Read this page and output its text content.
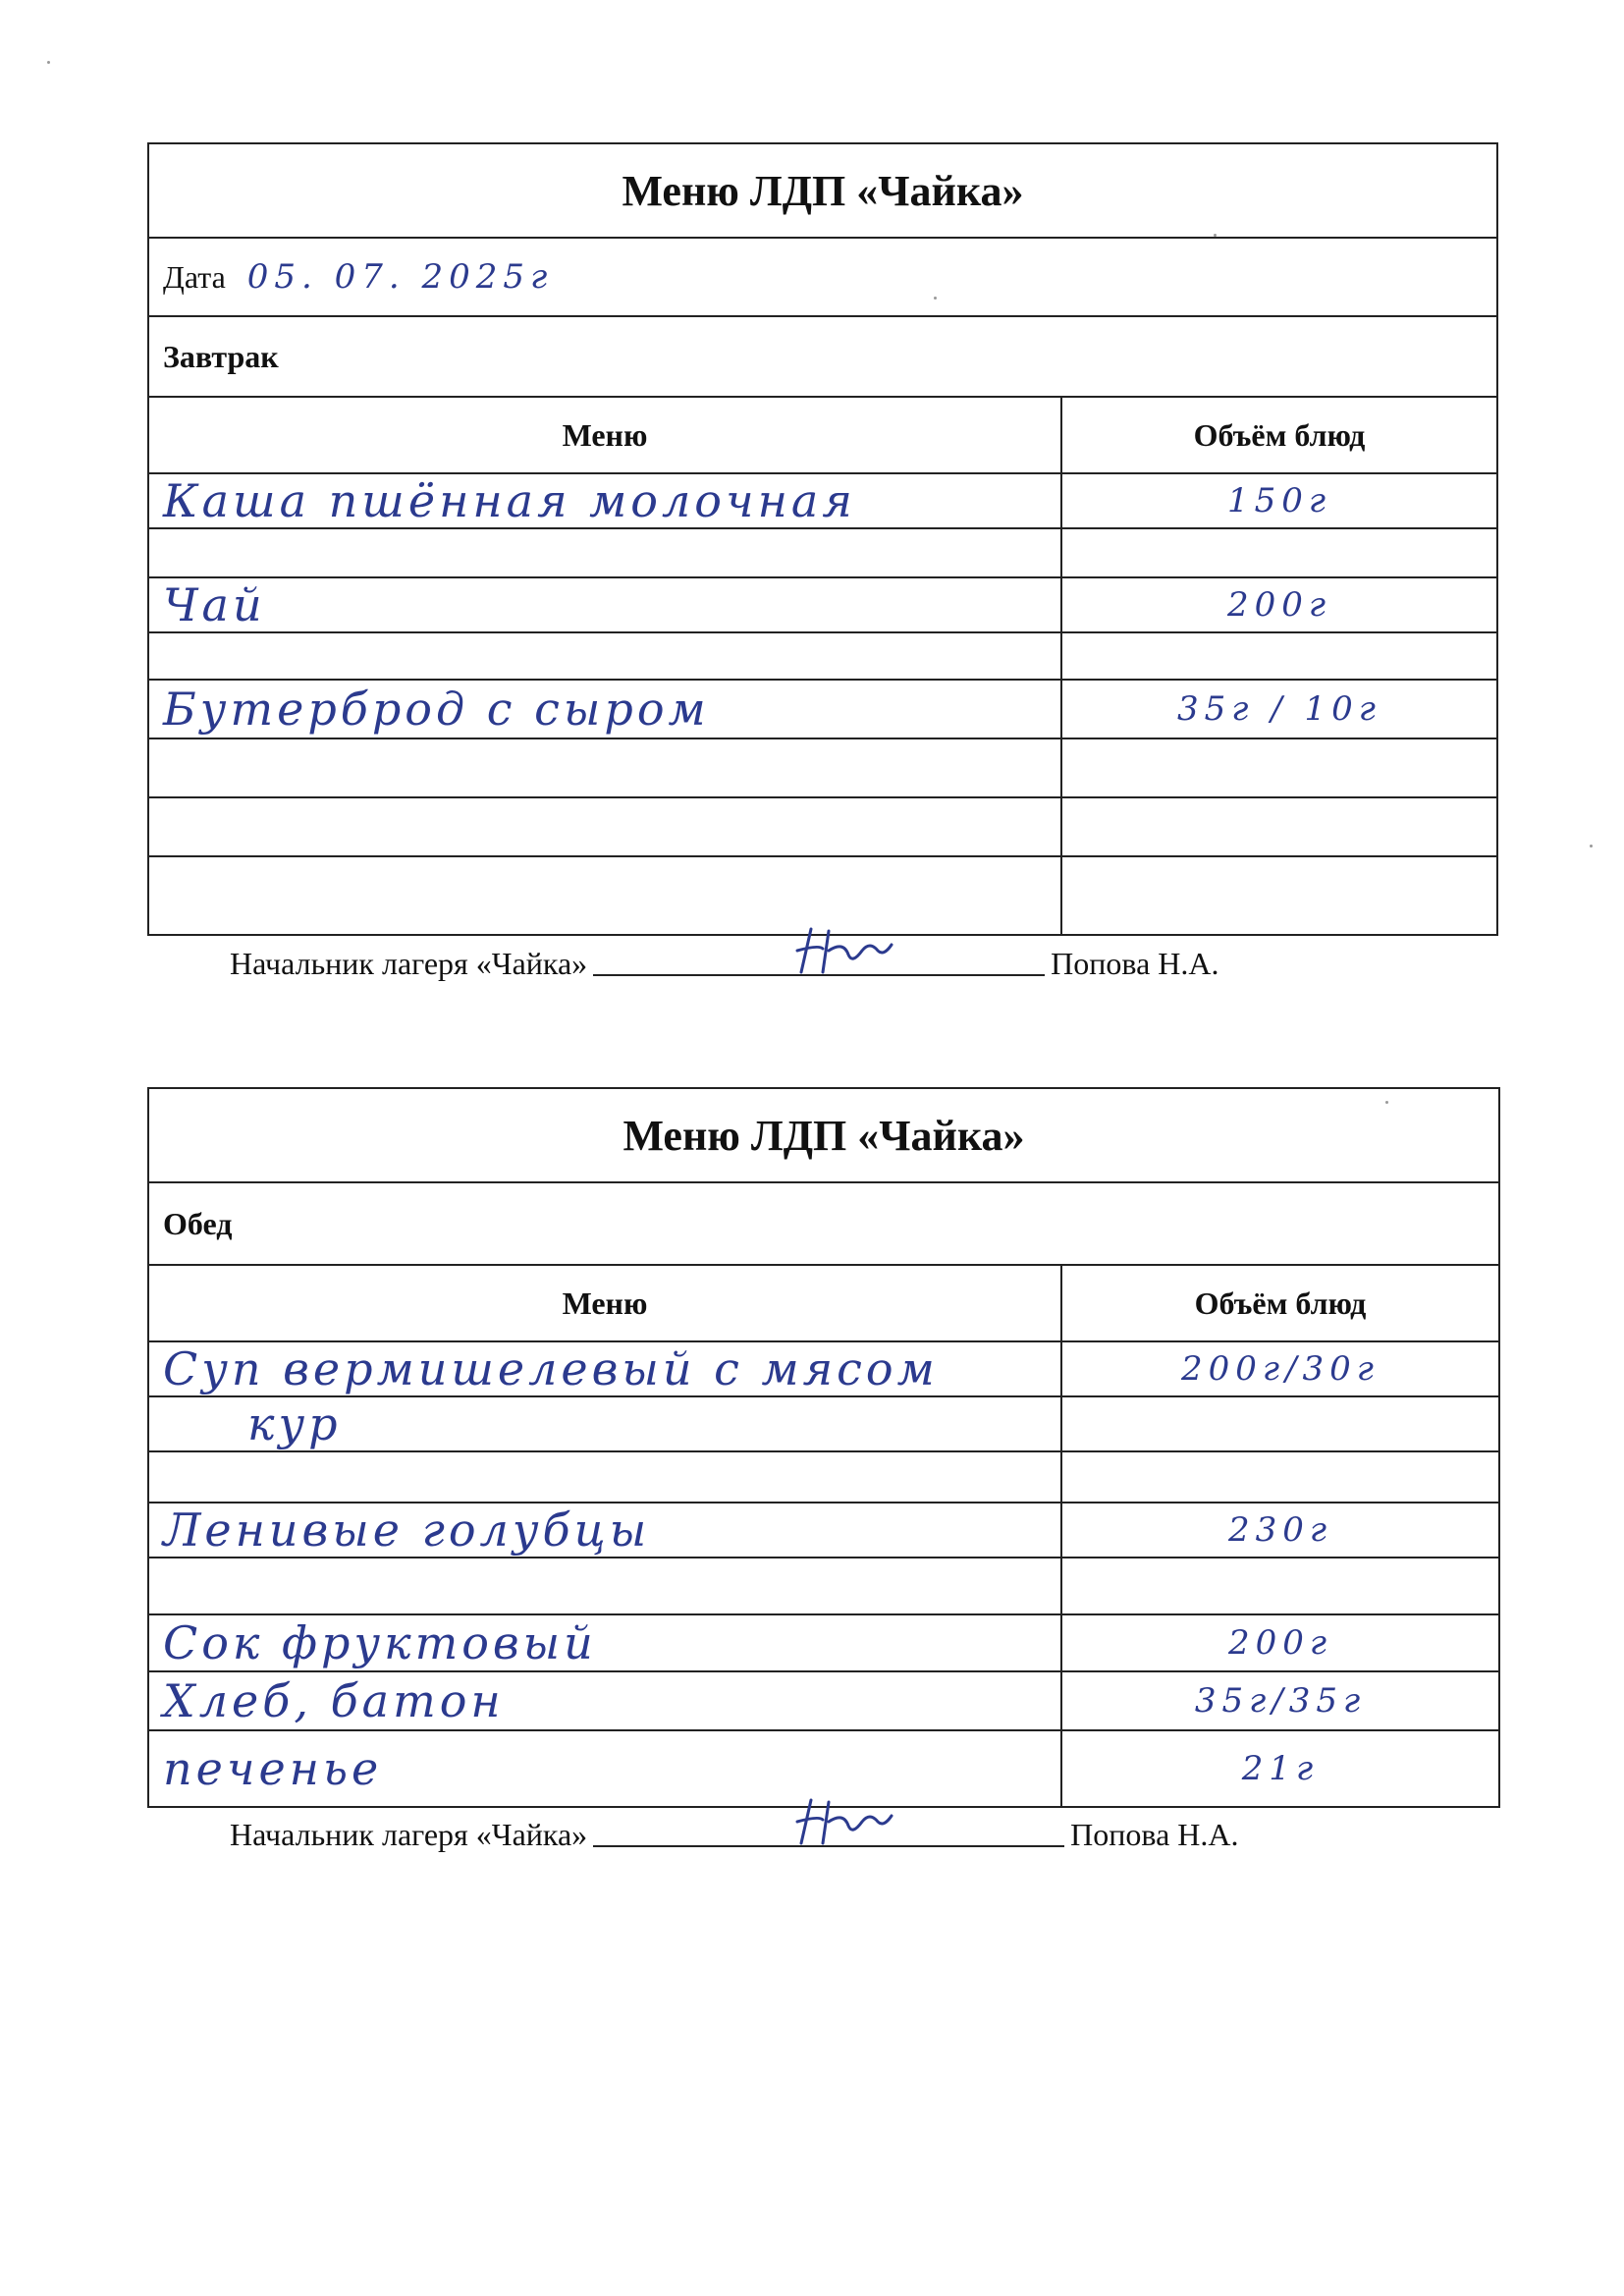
Меню ЛДП «Чайка»	
Дата 05. 07. 2025г	
Завтрак	
Меню	Объём блюд
Каша пшённая молочная	150г

Чай	200г

Бутерброд с сыром	35г / 10г

Начальник лагеря «Чайка»	Попова Н.А.
Меню ЛДП «Чайка»	
Обед	
Меню	Объём блюд
Суп вермишелевый с мясом	200г/30г
кур	

Ленивые голубцы	230г

Сок фруктовый	200г
Хлеб, батон	35г/35г
печенье	21г
Начальник лагеря «Чайка»	Попова Н.А.
